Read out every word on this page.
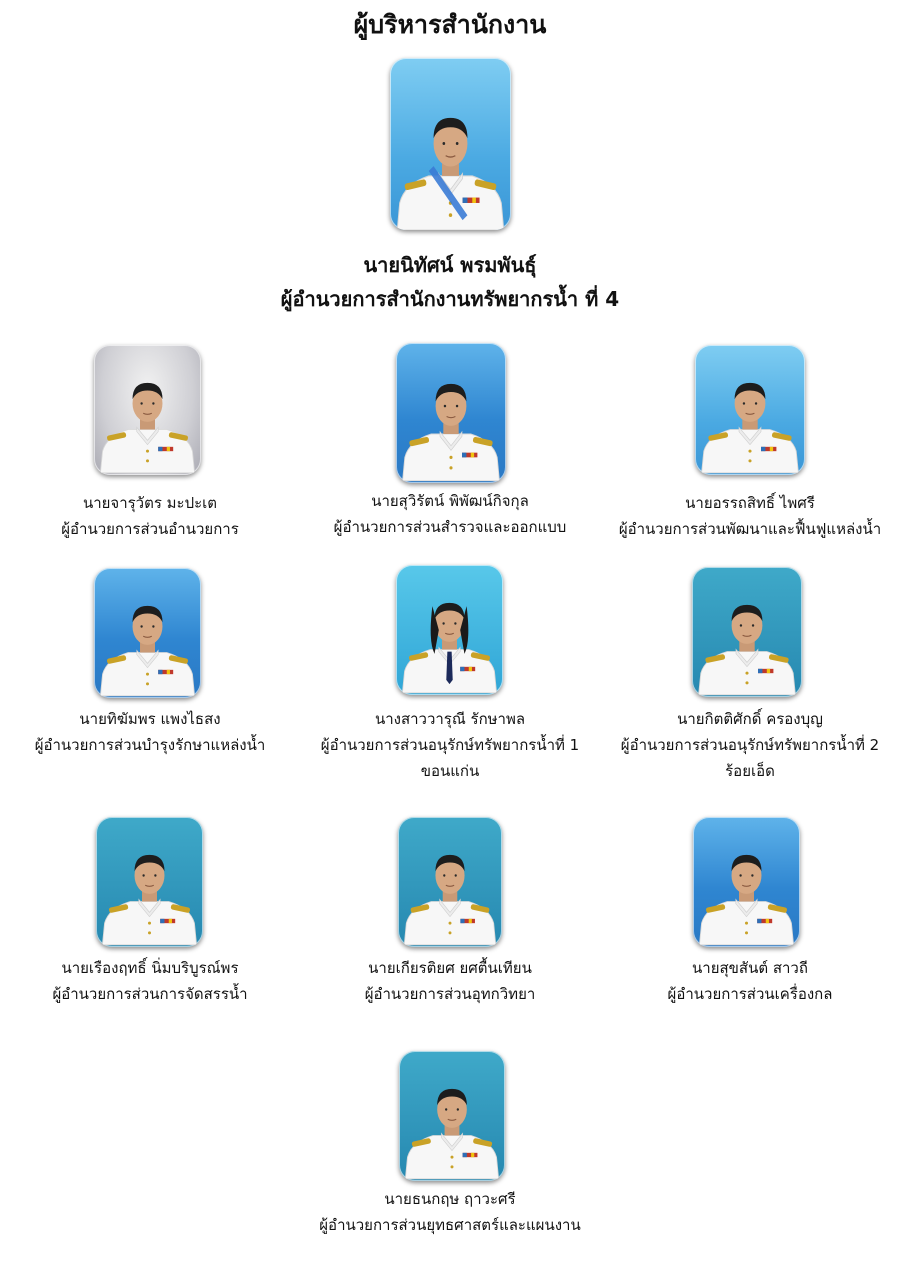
ผู้บริหารสำนักงาน
นายนิทัศน์ พรมพันธุ์
ผู้อำนวยการสำนักงานทรัพยากรน้ำ ที่ 4
นายจารุวัตร มะปะเต
ผู้อำนวยการส่วนอำนวยการ
นายสุวิรัตน์ พิพัฒน์กิจกุล
ผู้อำนวยการส่วนสำรวจและออกแบบ
นายอรรถสิทธิ์ ไพศรี
ผู้อำนวยการส่วนพัฒนาและฟื้นฟูแหล่งน้ำ
นายทิฆัมพร แพงไธสง
ผู้อำนวยการส่วนบำรุงรักษาแหล่งน้ำ
นางสาววารุณี รักษาพล
ผู้อำนวยการส่วนอนุรักษ์ทรัพยากรน้ำที่ 1
ขอนแก่น
นายกิตติศักดิ์ ครองบุญ
ผู้อำนวยการส่วนอนุรักษ์ทรัพยากรน้ำที่ 2
ร้อยเอ็ด
นายเรืองฤทธิ์ นิ่มบริบูรณ์พร
ผู้อำนวยการส่วนการจัดสรรน้ำ
นายเกียรติยศ ยศตื้นเทียน
ผู้อำนวยการส่วนอุทกวิทยา
นายสุขสันต์ สาวถี
ผู้อำนวยการส่วนเครื่องกล
นายธนกฤษ ฤาวะศรี
ผู้อำนวยการส่วนยุทธศาสตร์และแผนงาน
